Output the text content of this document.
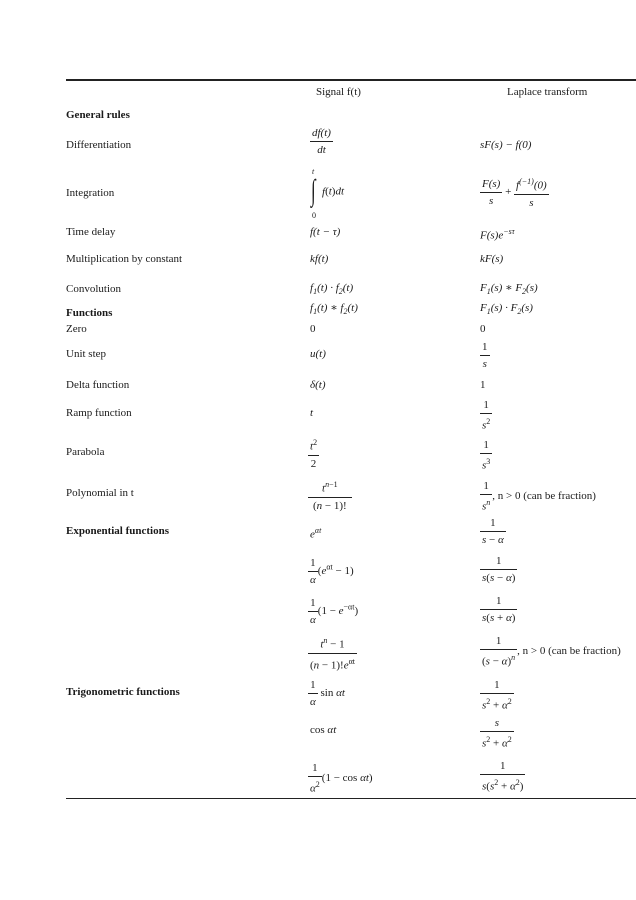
Signal f(t)	Laplace transform
General rules
Differentiation
Integration
Time delay
Multiplication by constant
Convolution
Functions
Zero
Unit step
Delta function
Ramp function
Parabola
Polynomial in t
Exponential functions
Trigonometric functions
$\frac{df(t)}{dt}$
t
∫
0
f(t)dt
f(t − τ)
kf(t)
$f_1(t) \cdot f_2(t)$
$f_1(t)$ ∗ $f_2(t)$
0
u(t)
δ(t)
t
$\frac{t^2}{2}$
$\frac{t^{n-1}}{(n - 1)!}$
$e^{\alpha t}$
$\frac{1}{\alpha} (e^{\alpha t} - 1)$
$\frac{1}{\alpha} (1 - e^{-\alpha t})$
$\frac{t^n - 1}{(n - 1)!e^{\alpha t}}$
$\frac{1}{\alpha}$ sin αt
cos αt
$\frac{1}{\alpha^2} (1 - \cos \alpha t)$
sF(s) − f(0)
$\frac{F(s)}{s} + \frac{f^{(-1)}(0)}{s}$
$F(s)e^{-s\tau}$
kF(s)
$F_1(s)$ ∗ $F_2(s)$
$F_1(s) \cdot F_2(s)$
0
$\frac{1}{s}$
1
$\frac{1}{s^2}$
$\frac{1}{s^3}$
$\frac{1}{s^n}$ , n > 0 (can be fraction)
$\frac{1}{s - \alpha}$
$\frac{1}{s(s - \alpha)}$
$\frac{1}{s(s + \alpha)}$
$\frac{1}{(s - \alpha)^n}$ , n > 0 (can be fraction)
$\frac{1}{s^2 + \alpha^2}$
$\frac{s}{s^2 + \alpha^2}$
$\frac{1}{s(s^2 + \alpha^2)}$
